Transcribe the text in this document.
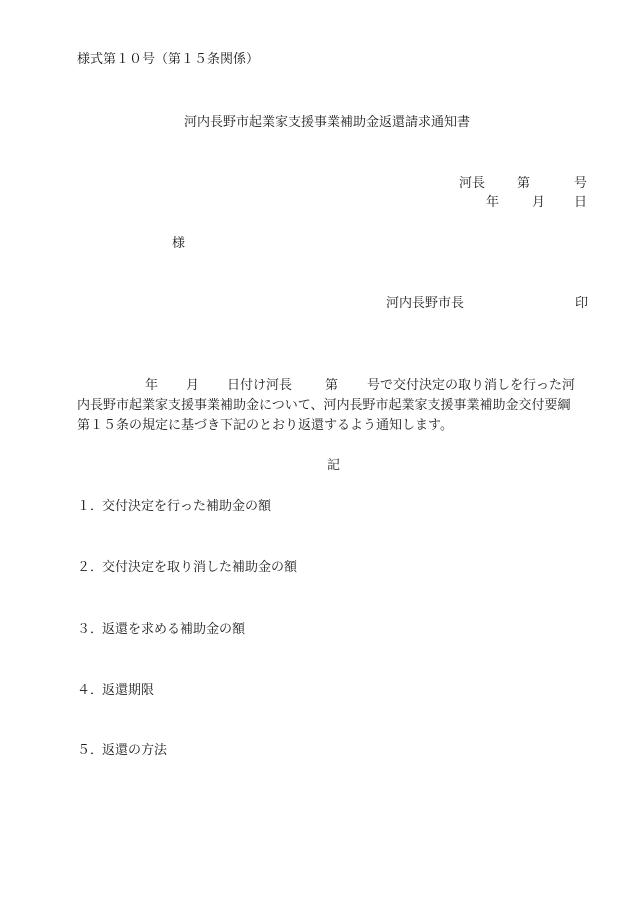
様式第１０号（第１５条関係）
河内長野市起業家支援事業補助金返還請求通知書
河長 第	号
年	月 日
様
河内長野市長	印
年 月 日付け河長	第 号で交付決定の取り消しを行った河
内長野市起業家支援事業補助金について、河内長野市起業家支援事業補助金交付要綱
第１５条の規定に基づき下記のとおり返還するよう通知します。
記
１．交付決定を行った補助金の額
２．交付決定を取り消した補助金の額
３．返還を求める補助金の額
４．返還期限
５．返還の方法
